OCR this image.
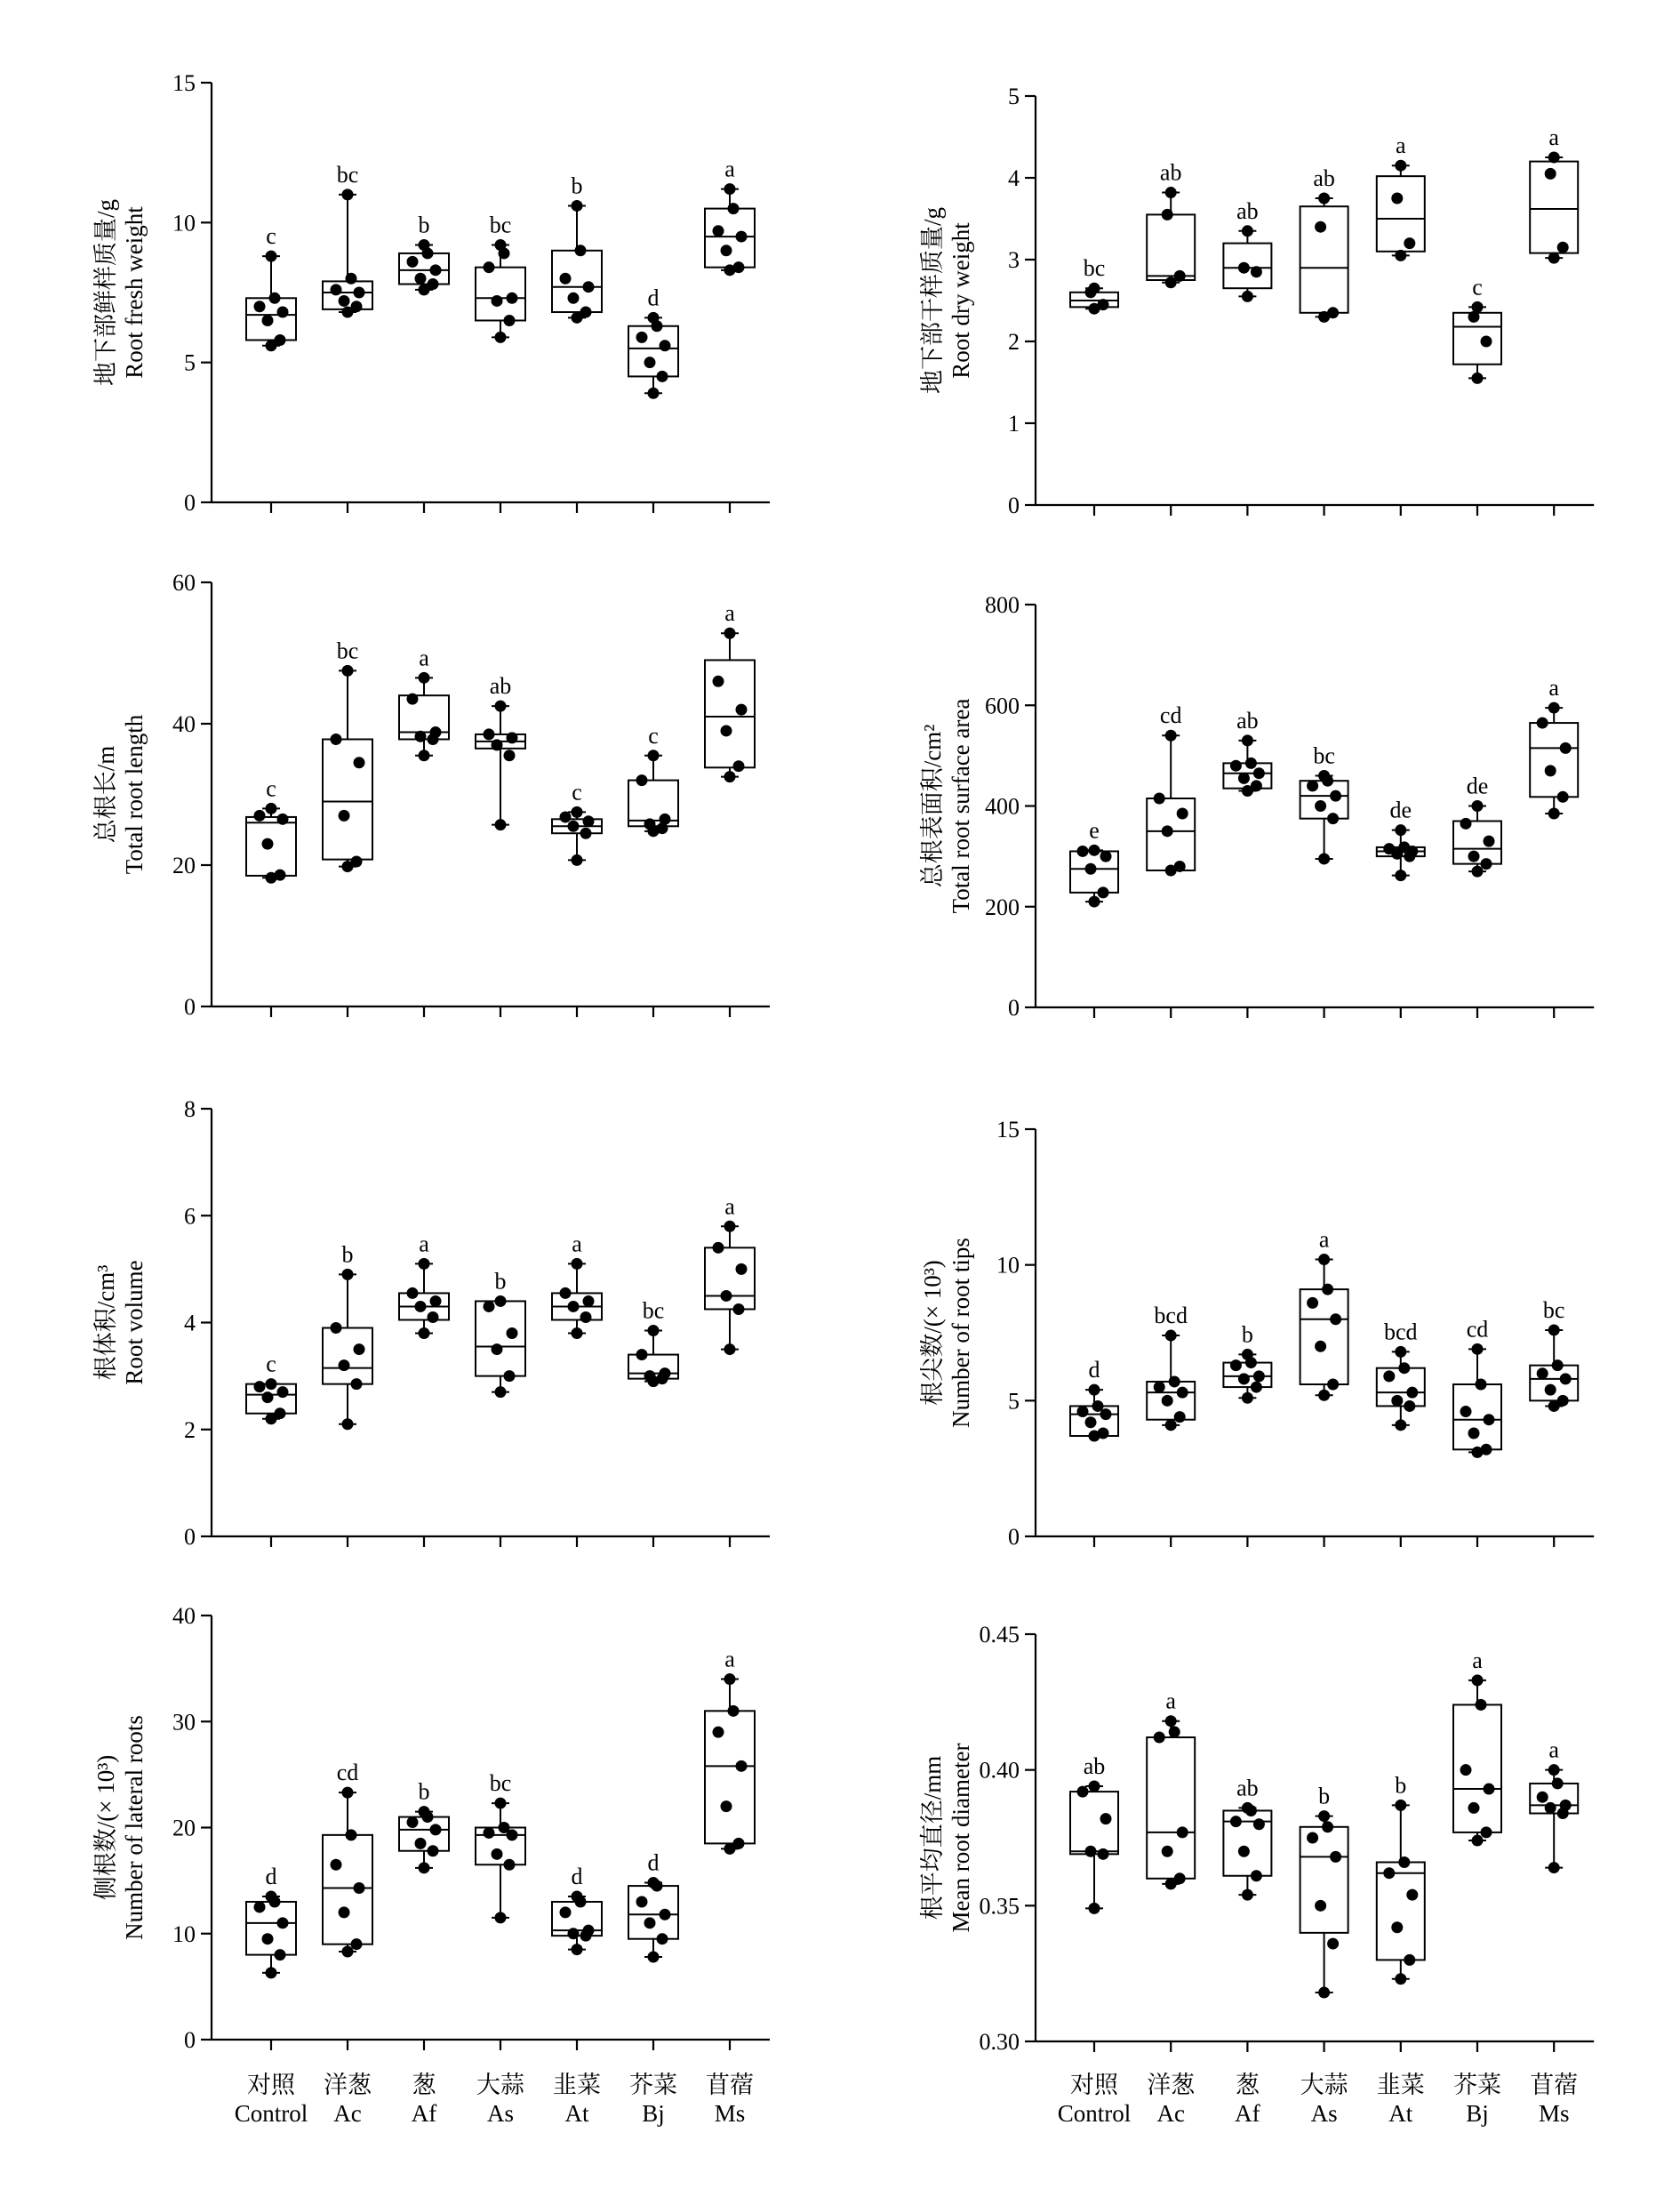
0
5
10
15
地下部鲜样质量/g Root fresh weight	c
bc
b	bc
b
d
a
0
1
2
3
4
5
地下部干样质量/g Root dry weight	bc
ab
ab
ab
a
c
a
0
20
40
60
总根长/m Total root length	c
bc	a
ab
c
c
a
0
200
400
600
800
总根表面积/cm² Total root surface area	e
cd ab
bc
de
de
a
0
2
4
6
8
根体积/cm³ Root volume	c
b	a
b
a
bc
a
0
5
10
15
根尖数/(× 10³) Number of root tips	d
bcd
b
a
bcd cd
bc
0
10
20
30
40
侧根数/(× 10³) Number of lateral roots	d
cd
b	bc
d
d
a
0.30
0.35
0.40
0.45
根平均直径/mm Mean root diameter	ab
a
ab	b	b
a
a
对照
Control
洋葱
Ac
葱
Af
大蒜
As
韭菜
At
芥菜
Bj
苜蓿
Ms
对照
Control
洋葱
Ac
葱
Af
大蒜
As
韭菜
At
芥菜
Bj
苜蓿
Ms
